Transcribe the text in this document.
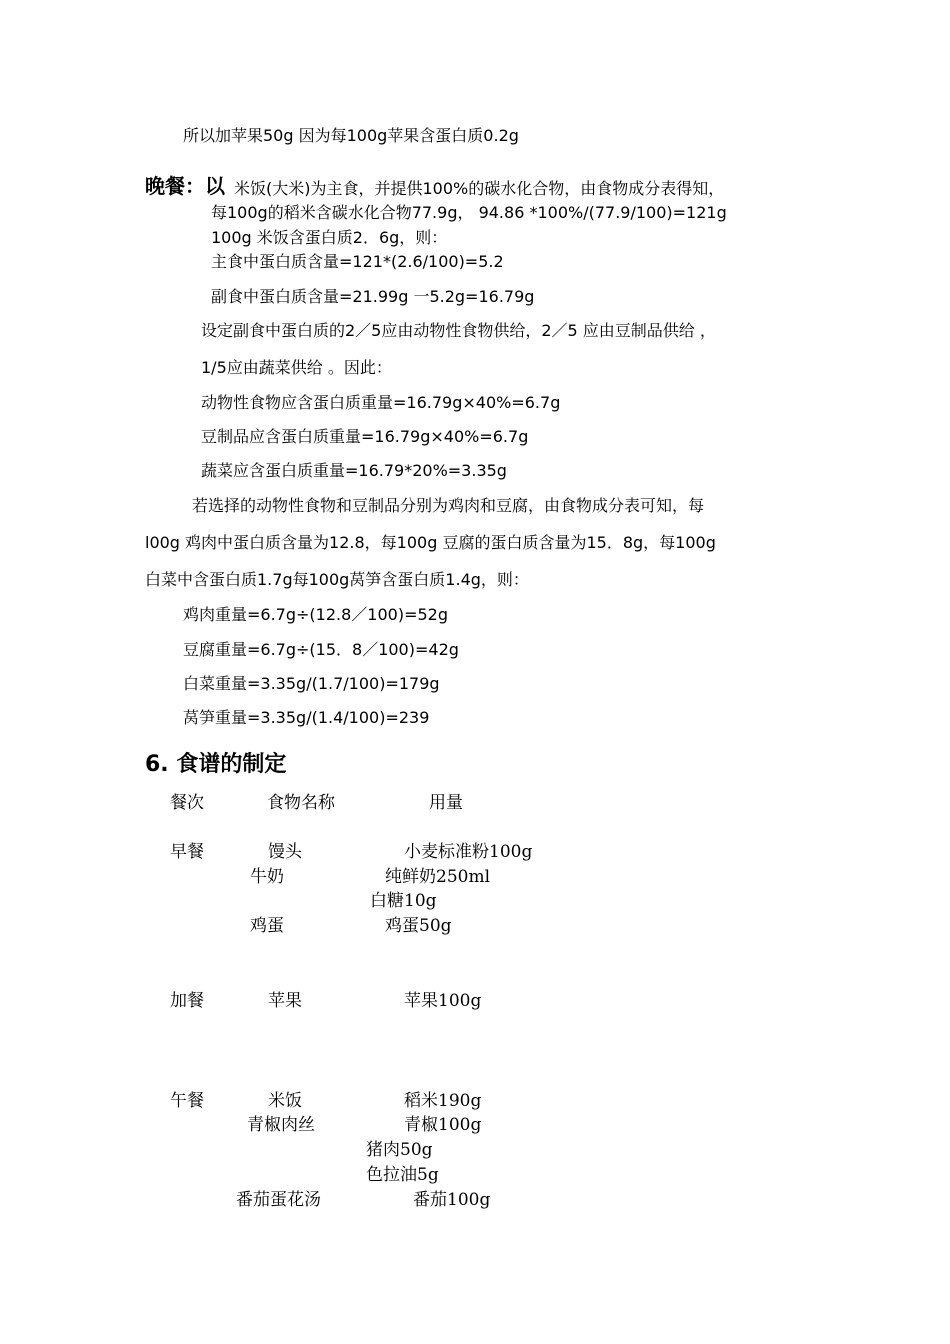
所以加苹果50g 因为每100g苹果含蛋白质0.2g
晚餐：以 米饭(大米)为主食，并提供100%的碳水化合物，由食物成分表得知，
每100g的稻米含碳水化合物77.9g， 94.86 *100%/(77.9/100)=121g
100g 米饭含蛋白质2．6g，则：
主食中蛋白质含量=121*(2.6/100)=5.2
副食中蛋白质含量=21.99g 一5.2g=16.79g
设定副食中蛋白质的2／5应由动物性食物供给，2／5 应由豆制品供给 ，
1/5应由蔬菜供给 。因此：
动物性食物应含蛋白质重量=16.79g×40%=6.7g
豆制品应含蛋白质重量=16.79g×40%=6.7g
蔬菜应含蛋白质重量=16.79*20%=3.35g
若选择的动物性食物和豆制品分别为鸡肉和豆腐，由食物成分表可知，每
l00g 鸡肉中蛋白质含量为12.8，每100g 豆腐的蛋白质含量为15．8g，每100g
白菜中含蛋白质1.7g每100g莴笋含蛋白质1.4g，则：
鸡肉重量=6.7g÷(12.8／100)=52g
豆腐重量=6.7g÷(15．8／100)=42g
白菜重量=3.35g/(1.7/100)=179g
莴笋重量=3.35g/(1.4/100)=239
6. 食谱的制定
餐次	食物名称	用量
早餐	馒头	小麦标准粉100g
牛奶	纯鲜奶250ml
白糖10g
鸡蛋	鸡蛋50g
加餐	苹果	苹果100g
午餐	米饭	稻米190g
青椒肉丝	青椒100g
猪肉50g
色拉油5g
番茄蛋花汤	番茄100g
